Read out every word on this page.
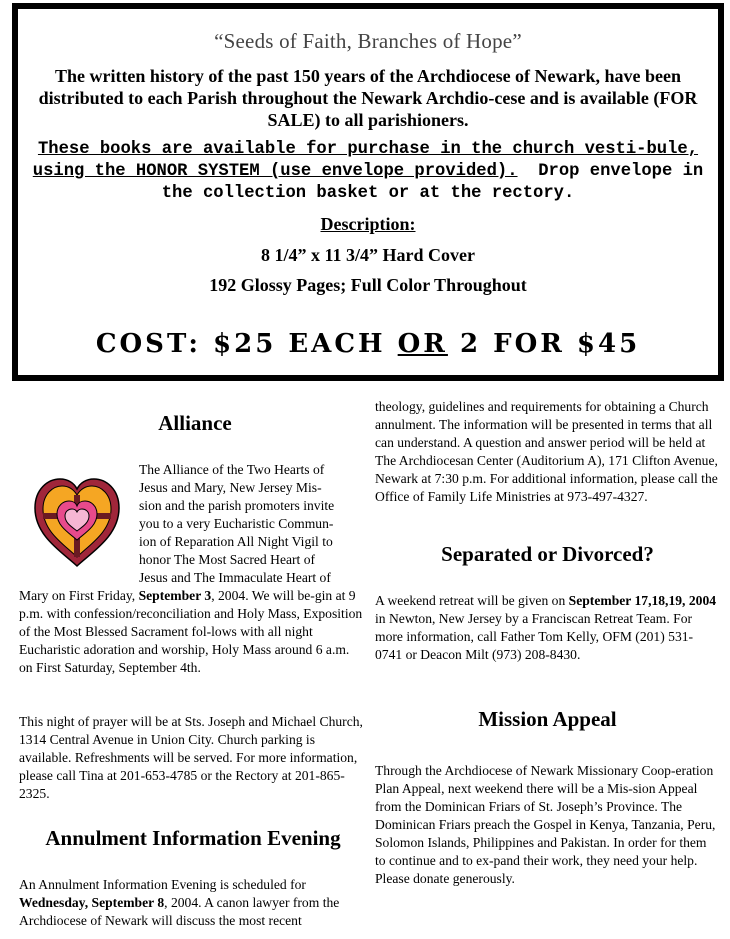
“Seeds of Faith, Branches of Hope”
The written history of the past 150 years of the Archdiocese of Newark, have been distributed to each Parish throughout the Newark Archdio-cese and is available (FOR SALE) to all parishioners.
These books are available for purchase in the church vesti-bule, using the HONOR SYSTEM (use envelope provided). Drop envelope in the collection basket or at the rectory.
Description:
8 1/4” x 11 3/4” Hard Cover
192 Glossy Pages; Full Color Throughout
COST: $25 EACH OR 2 FOR $45
Alliance
The Alliance of the Two Hearts of
Jesus and Mary, New Jersey Mis-
sion and the parish promoters invite
you to a very Eucharistic Commun-
ion of Reparation All Night Vigil to
honor The Most Sacred Heart of
Jesus and The Immaculate Heart of
Mary on First Friday, September 3, 2004. We will be-gin at 9 p.m. with confession/reconciliation and Holy Mass, Exposition of the Most Blessed Sacrament fol-lows with all night Eucharistic adoration and worship, Holy Mass around 6 a.m. on First Saturday, September 4th.
This night of prayer will be at Sts. Joseph and Michael Church, 1314 Central Avenue in Union City. Church parking is available. Refreshments will be served. For more information, please call Tina at 201-653-4785 or the Rectory at 201-865-2325.
Annulment Information Evening
An Annulment Information Evening is scheduled for Wednesday, September 8, 2004. A canon lawyer from the Archdiocese of Newark will discuss the most recent
theology, guidelines and requirements for obtaining a Church annulment. The information will be presented in terms that all can understand. A question and answer period will be held at The Archdiocesan Center (Auditorium A), 171 Clifton Avenue, Newark at 7:30 p.m. For additional information, please call the Office of Family Life Ministries at 973-497-4327.
Separated or Divorced?
A weekend retreat will be given on September 17,18,19, 2004 in Newton, New Jersey by a Franciscan Retreat Team. For more information, call Father Tom Kelly, OFM (201) 531-0741 or Deacon Milt (973) 208-8430.
Mission Appeal
Through the Archdiocese of Newark Missionary Coop-eration Plan Appeal, next weekend there will be a Mis-sion Appeal from the Dominican Friars of St. Joseph’s Province. The Dominican Friars preach the Gospel in Kenya, Tanzania, Peru, Solomon Islands, Philippines and Pakistan. In order for them to continue and to ex-pand their work, they need your help. Please donate generously.
